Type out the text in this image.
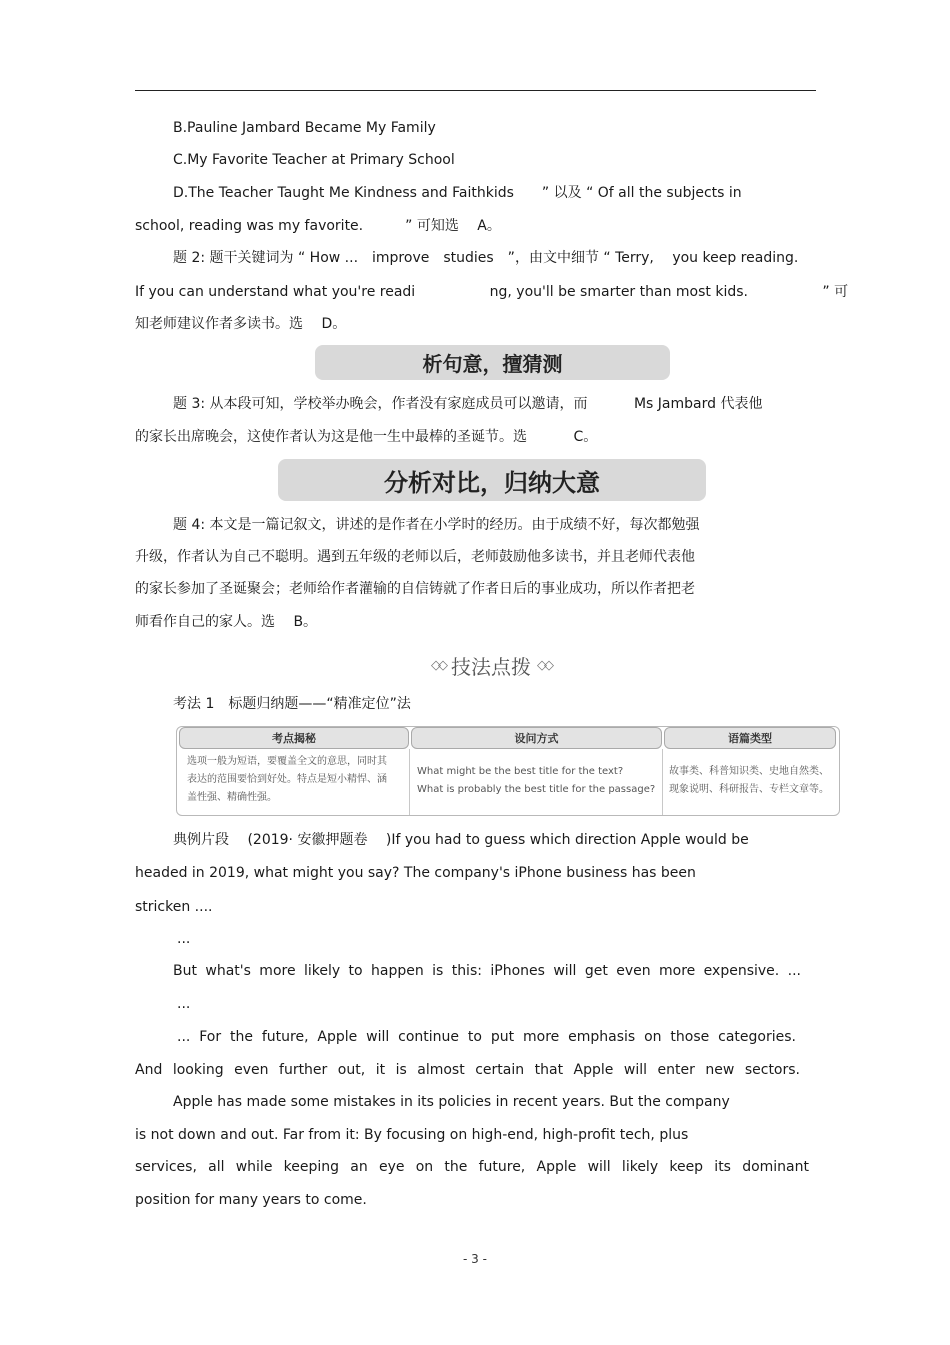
B.Pauline Jambard Became My Family
C.My Favorite Teacher at Primary School
D.The Teacher Taught Me Kindness and Faithkids　　” 以及 “ Of all the subjects in
school, reading was my favorite.　　　” 可知选　 A。
题 2: 题干关键词为 “ How ...　improve　studies　”，由文中细节 “ Terry,　 you keep reading.
If you can understand what you're readi　　　　　 ng, you'll be smarter than most kids.　　　　　 ” 可
知老师建议作者多读书。选　 D。
析句意，擅猜测
题 3: 从本段可知，学校举办晚会，作者没有家庭成员可以邀请，而　　　 Ms Jambard 代表他
的家长出席晚会，这使作者认为这是他一生中最棒的圣诞节。选　　　 C。
分析对比，归纳大意
题 4: 本文是一篇记叙文，讲述的是作者在小学时的经历。由于成绩不好，每次都勉强
升级，作者认为自己不聪明。遇到五年级的老师以后，老师鼓励他多读书，并且老师代表他
的家长参加了圣诞聚会；老师给作者灌输的自信铸就了作者日后的事业成功，所以作者把老
师看作自己的家人。选　 B。
◇◇ 技法点拨 ◇◇
考法 1　标题归纳题——“精准定位”法
考点揭秘	设问方式	语篇类型
选项一般为短语，要覆盖全文的意思，同时其
表达的范围要恰到好处。特点是短小精悍、涵
盖性强、精确性强。
What might be the best title for the text?
What is probably the best title for the passage?
故事类、科普知识类、史地自然类、
现象说明、科研报告、专栏文章等。
典例片段　 (2019· 安徽押题卷　 )If you had to guess which direction Apple would be
headed in 2019, what might you say? The company's iPhone business has been
stricken ....
...
But what's more likely to happen is this: iPhones will get even more expensive. ...
...
... For the future, Apple will continue to put more emphasis on those categories.
And looking even further out, it is almost certain that Apple will enter new sectors.
Apple has made some mistakes in its policies in recent years. But the company
is not down and out. Far from it: By focusing on high-end, high-profit tech, plus
services, all while keeping an eye on the future, Apple will likely keep its dominant
position for many years to come.
- 3 -
